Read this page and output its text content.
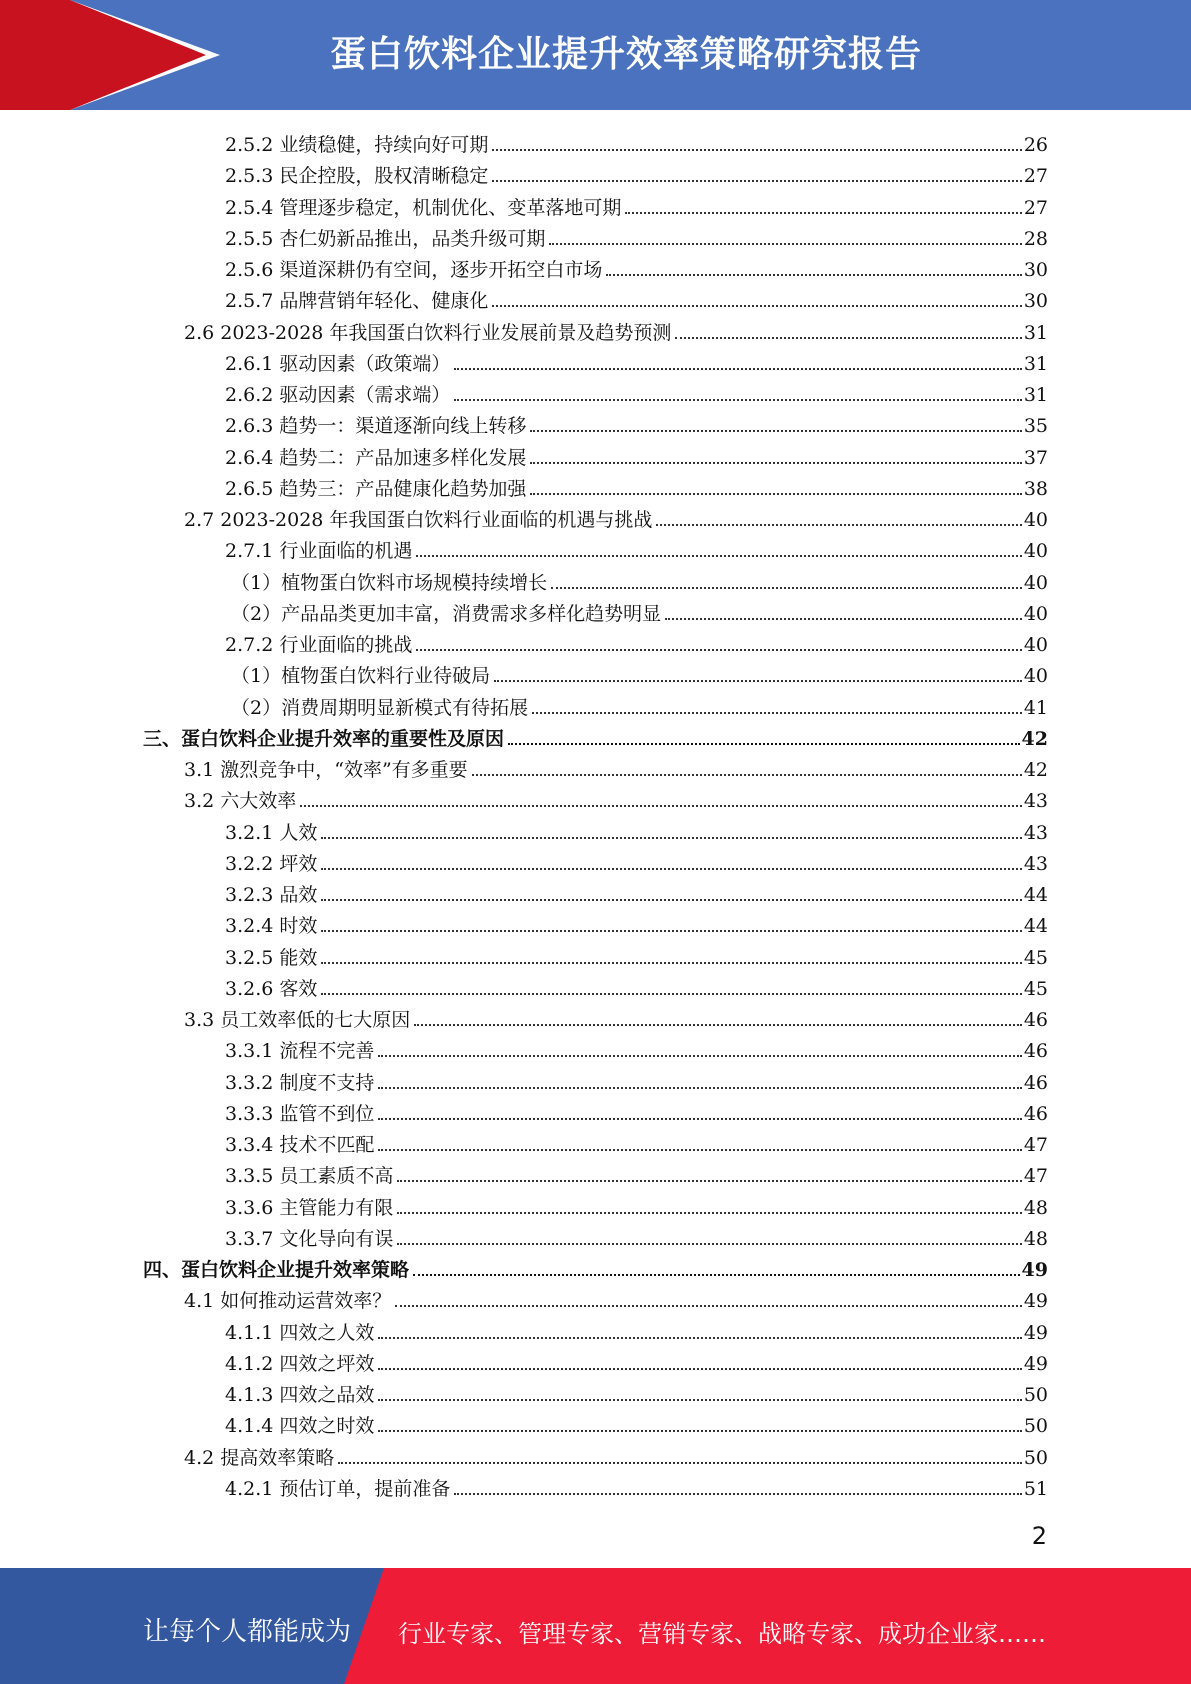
蛋白饮料企业提升效率策略研究报告
2.5.2 业绩稳健，持续向好可期	26
2.5.3 民企控股，股权清晰稳定	27
2.5.4 管理逐步稳定，机制优化、变革落地可期	27
2.5.5 杏仁奶新品推出，品类升级可期	28
2.5.6 渠道深耕仍有空间，逐步开拓空白市场	30
2.5.7 品牌营销年轻化、健康化	30
2.6 2023-2028 年我国蛋白饮料行业发展前景及趋势预测	31
2.6.1 驱动因素（政策端）	31
2.6.2 驱动因素（需求端）	31
2.6.3 趋势一：渠道逐渐向线上转移	35
2.6.4 趋势二：产品加速多样化发展	37
2.6.5 趋势三：产品健康化趋势加强	38
2.7 2023-2028 年我国蛋白饮料行业面临的机遇与挑战	40
2.7.1 行业面临的机遇	40
（1）植物蛋白饮料市场规模持续增长	40
（2）产品品类更加丰富，消费需求多样化趋势明显	40
2.7.2 行业面临的挑战	40
（1）植物蛋白饮料行业待破局	40
（2）消费周期明显新模式有待拓展	41
三、蛋白饮料企业提升效率的重要性及原因	42
3.1 激烈竞争中，“效率”有多重要	42
3.2 六大效率	43
3.2.1 人效	43
3.2.2 坪效	43
3.2.3 品效	44
3.2.4 时效	44
3.2.5 能效	45
3.2.6 客效	45
3.3 员工效率低的七大原因	46
3.3.1 流程不完善	46
3.3.2 制度不支持	46
3.3.3 监管不到位	46
3.3.4 技术不匹配	47
3.3.5 员工素质不高	47
3.3.6 主管能力有限	48
3.3.7 文化导向有误	48
四、蛋白饮料企业提升效率策略	49
4.1 如何推动运营效率？	49
4.1.1 四效之人效	49
4.1.2 四效之坪效	49
4.1.3 四效之品效	50
4.1.4 四效之时效	50
4.2 提高效率策略	50
4.2.1 预估订单，提前准备	51
2
让每个人都能成为 行业专家、管理专家、营销专家、战略专家、成功企业家……
